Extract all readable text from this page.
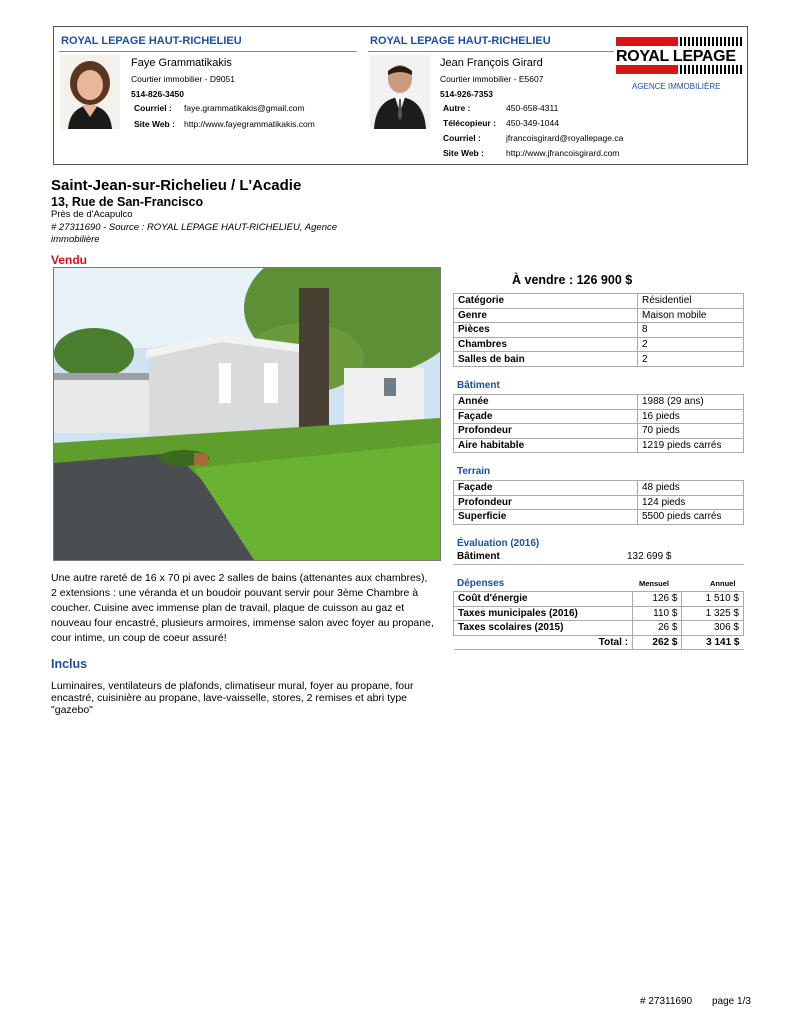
ROYAL LEPAGE HAUT-RICHELIEU	ROYAL LEPAGE HAUT-RICHELIEU
Faye Grammatikakis
Courtier immobilier - D9051
514-826-3450
Courriel : faye.grammatikakis@gmail.com
Site Web : http://www.fayegrammatikakis.com
Jean François Girard
Courtier immobilier - E5607
514-926-7353
Autre :	450-658-4311
Télécopieur : 450-349-1044
Courriel :	jfrancoisgirard@royallepage.ca
Site Web :	http://www.jfrancoisgirard.com
ROYAL LEPAGE
AGENCE IMMOBILIÈRE
Saint-Jean-sur-Richelieu / L'Acadie
13, Rue de San-Francisco
Près de d'Acapulco
# 27311690 - Source : ROYAL LEPAGE HAUT-RICHELIEU, Agence immobilière
Vendu
Une autre rareté de 16 x 70 pi avec 2 salles de bains (attenantes aux chambres), 2 extensions : une véranda et un boudoir pouvant servir pour 3ème Chambre à coucher. Cuisine avec immense plan de travail, plaque de cuisson au gaz et nouveau four encastré, plusieurs armoires, immense salon avec foyer au propane, cour intime, un coup de coeur assuré!
Inclus
Luminaires, ventilateurs de plafonds, climatiseur mural, foyer au propane, four encastré, cuisinière au propane, lave-vaisselle, stores, 2 remises et abri type "gazebo"
À vendre : 126 900 $
Catégorie	Résidentiel
Genre	Maison mobile
Pièces	8
Chambres	2
Salles de bain	2
Bâtiment
Année	1988 (29 ans)
Façade	16 pieds
Profondeur	70 pieds
Aire habitable	1219 pieds carrés
Terrain
Façade	48 pieds
Profondeur	124 pieds
Superficie	5500 pieds carrés
Évaluation (2016)
Bâtiment	132 699 $
Dépenses	Mensuel	Annuel
Coût d'énergie	126 $	1 510 $
Taxes municipales (2016)	110 $	1 325 $
Taxes scolaires (2015)	26 $	306 $
Total :	262 $	3 141 $
# 27311690 page 1/3
